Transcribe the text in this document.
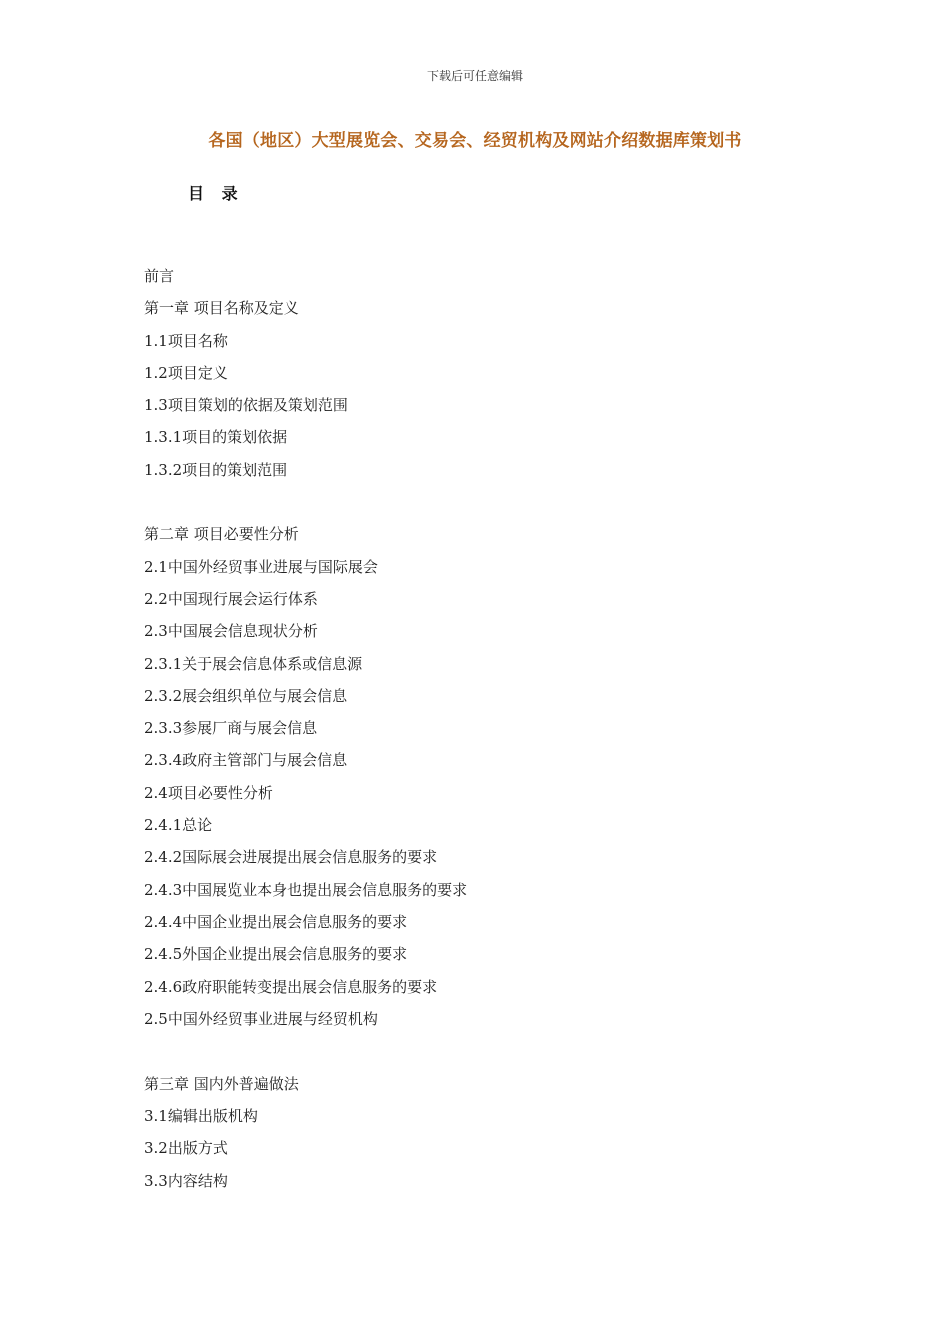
下载后可任意编辑
各国（地区）大型展览会、交易会、经贸机构及网站介绍数据库策划书
目 录
前言
第一章 项目名称及定义
1.1项目名称
1.2项目定义
1.3项目策划的依据及策划范围
1.3.1项目的策划依据
1.3.2项目的策划范围
第二章 项目必要性分析
2.1中国外经贸事业进展与国际展会
2.2中国现行展会运行体系
2.3中国展会信息现状分析
2.3.1关于展会信息体系或信息源
2.3.2展会组织单位与展会信息
2.3.3参展厂商与展会信息
2.3.4政府主管部门与展会信息
2.4项目必要性分析
2.4.1总论
2.4.2国际展会进展提出展会信息服务的要求
2.4.3中国展览业本身也提出展会信息服务的要求
2.4.4中国企业提出展会信息服务的要求
2.4.5外国企业提出展会信息服务的要求
2.4.6政府职能转变提出展会信息服务的要求
2.5中国外经贸事业进展与经贸机构
第三章 国内外普遍做法
3.1编辑出版机构
3.2出版方式
3.3内容结构
